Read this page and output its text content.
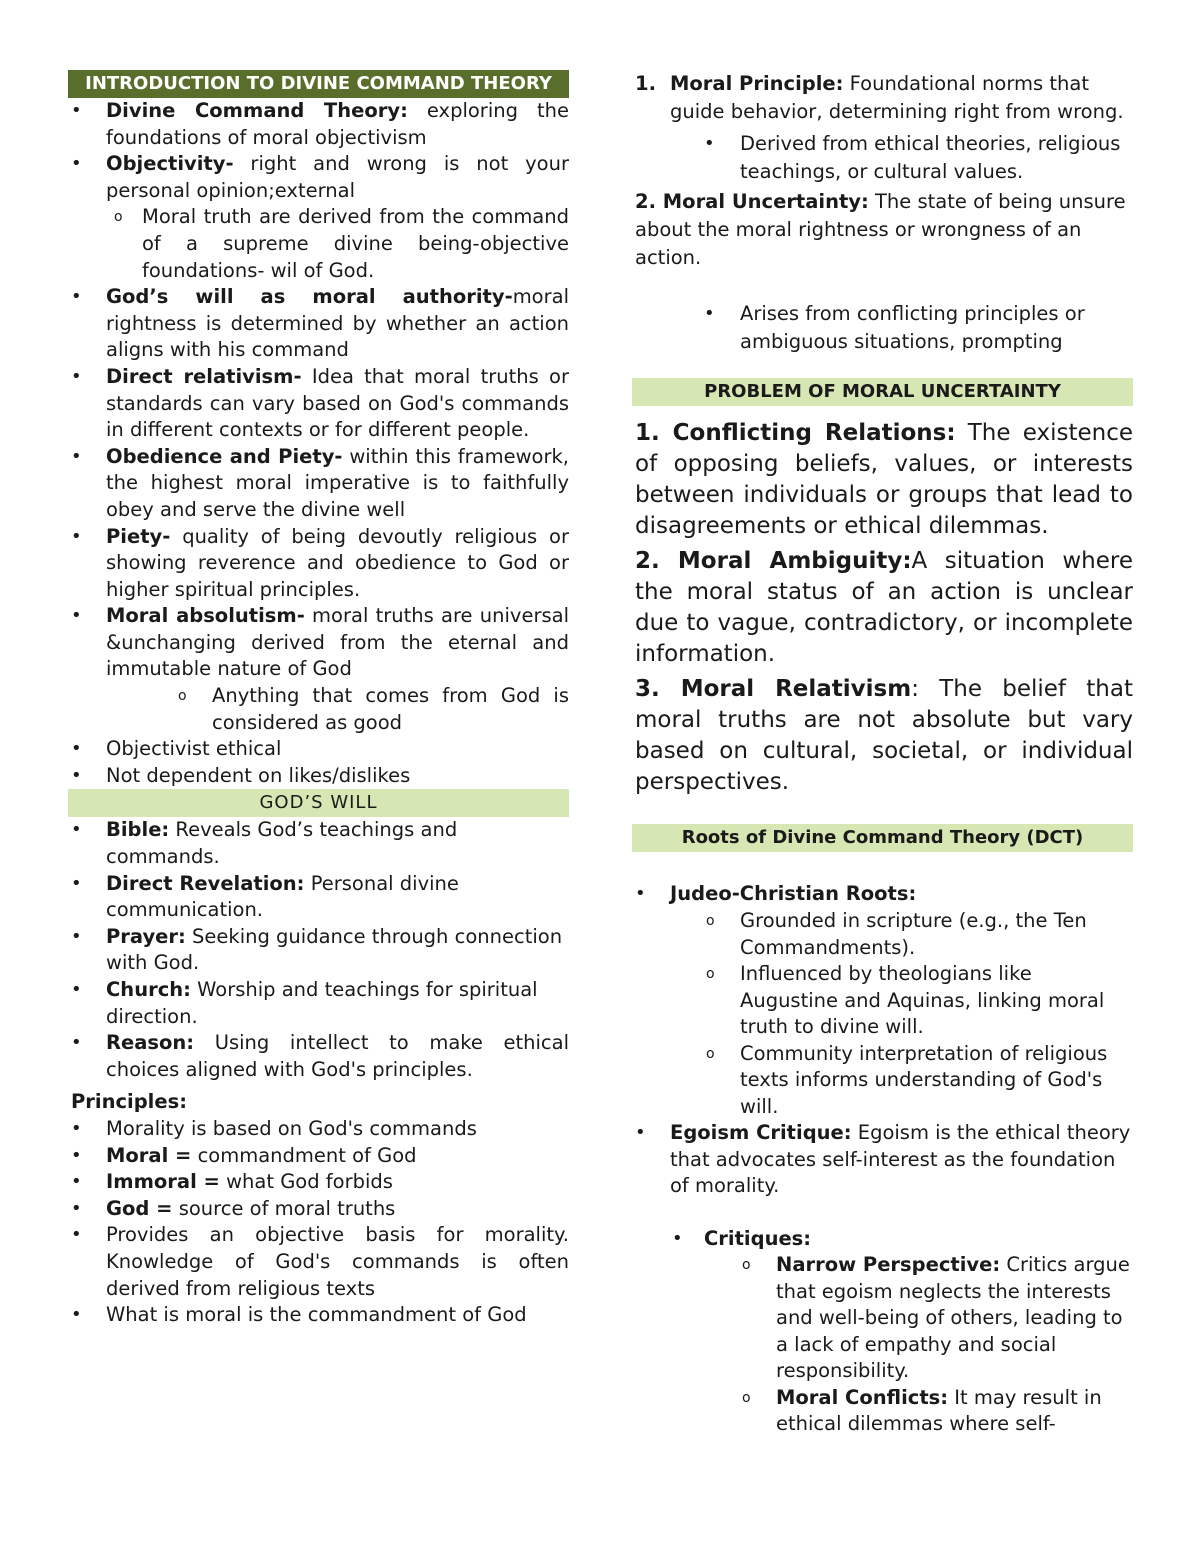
INTRODUCTION TO DIVINE COMMAND THEORY
• Divine Command Theory: exploring the foundations of moral objectivism
• Objectivity- right and wrong is not your personal opinion;external
o Moral truth are derived from the command of a supreme divine being-objective foundations- wil of God.
• God’s will as moral authority-moral rightness is determined by whether an action aligns with his command
• Direct relativism- Idea that moral truths or standards can vary based on God's commands in different contexts or for different people.
• Obedience and Piety- within this framework, the highest moral imperative is to faithfully obey and serve the divine well
• Piety- quality of being devoutly religious or showing reverence and obedience to God or higher spiritual principles.
• Moral absolutism- moral truths are universal &unchanging derived from the eternal and immutable nature of God
o Anything that comes from God is considered as good
• Objectivist ethical
• Not dependent on likes/dislikes
GOD’S WILL
• Bible: Reveals God’s teachings and commands.
• Direct Revelation: Personal divine communication.
• Prayer: Seeking guidance through connection with God.
• Church: Worship and teachings for spiritual direction.
• Reason: Using intellect to make ethical choices aligned with God's principles.
Principles:
• Morality is based on God's commands
• Moral = commandment of God
• Immoral = what God forbids
• God = source of moral truths
• Provides an objective basis for morality. Knowledge of God's commands is often derived from religious texts
• What is moral is the commandment of God
1. Moral Principle: Foundational norms that guide behavior, determining right from wrong.
• Derived from ethical theories, religious teachings, or cultural values.
2. Moral Uncertainty: The state of being unsure about the moral rightness or wrongness of an action.
• Arises from conflicting principles or ambiguous situations, prompting
PROBLEM OF MORAL UNCERTAINTY
1. Conflicting Relations: The existence of opposing beliefs, values, or interests between individuals or groups that lead to disagreements or ethical dilemmas.
2. Moral Ambiguity:A situation where the moral status of an action is unclear due to vague, contradictory, or incomplete information.
3. Moral Relativism: The belief that moral truths are not absolute but vary based on cultural, societal, or individual perspectives.
Roots of Divine Command Theory (DCT)
• Judeo-Christian Roots:
o Grounded in scripture (e.g., the Ten Commandments).
o Influenced by theologians like Augustine and Aquinas, linking moral truth to divine will.
o Community interpretation of religious texts informs understanding of God's will.
• Egoism Critique: Egoism is the ethical theory that advocates self-interest as the foundation of morality.
• Critiques:
o Narrow Perspective: Critics argue that egoism neglects the interests and well-being of others, leading to a lack of empathy and social responsibility.
o Moral Conflicts: It may result in ethical dilemmas where self-
